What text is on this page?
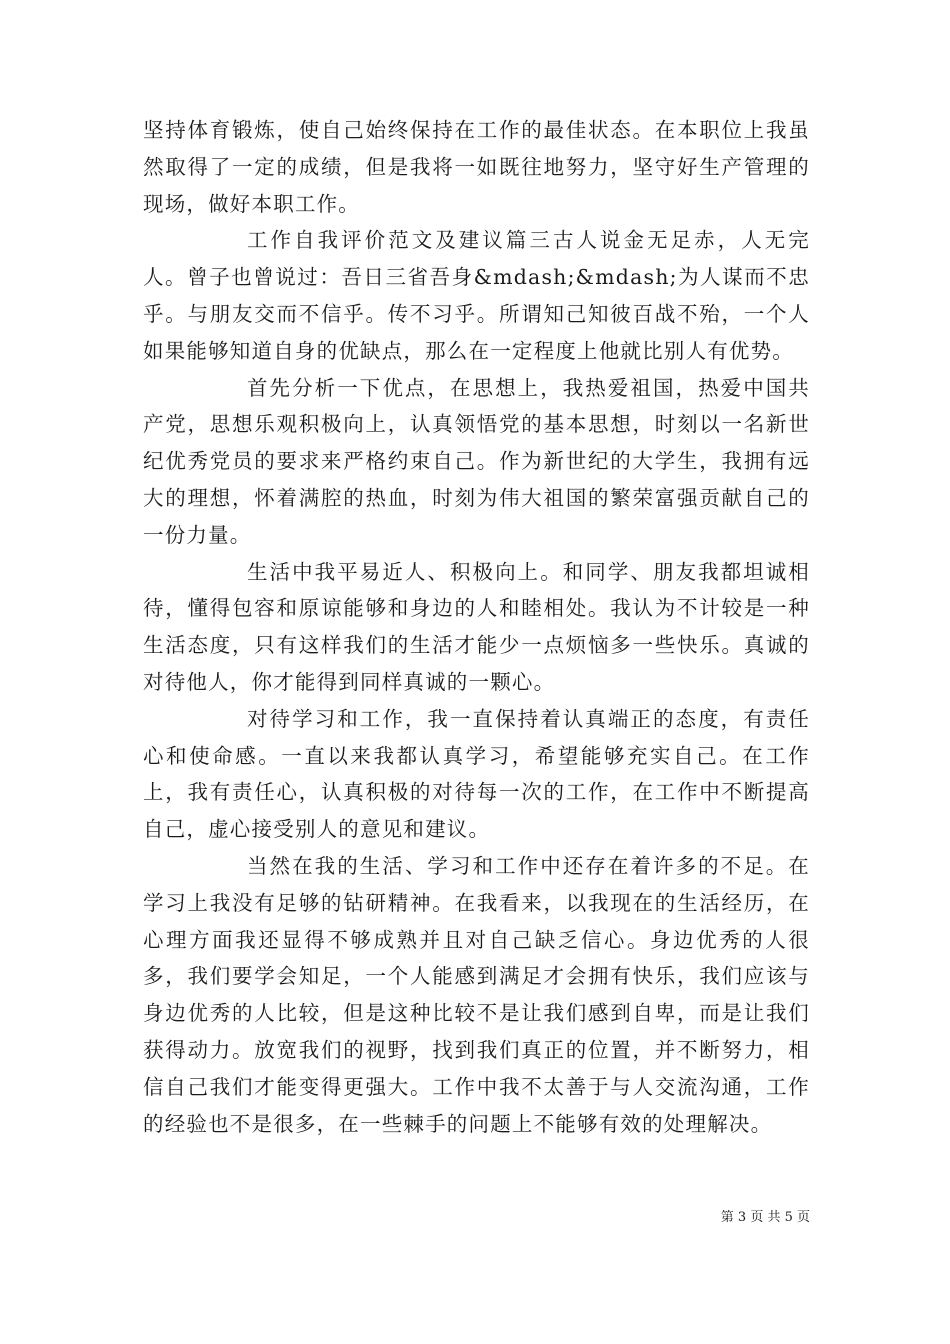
坚持体育锻炼，使自己始终保持在工作的最佳状态。在本职位上我虽然取得了一定的成绩，但是我将一如既往地努力，坚守好生产管理的现场，做好本职工作。

工作自我评价范文及建议篇三古人说金无足赤，人无完人。曾子也曾说过：吾日三省吾身&mdash;&mdash;为人谋而不忠乎。与朋友交而不信乎。传不习乎。所谓知己知彼百战不殆，一个人如果能够知道自身的优缺点，那么在一定程度上他就比别人有优势。

首先分析一下优点，在思想上，我热爱祖国，热爱中国共产党，思想乐观积极向上，认真领悟党的基本思想，时刻以一名新世纪优秀党员的要求来严格约束自己。作为新世纪的大学生，我拥有远大的理想，怀着满腔的热血，时刻为伟大祖国的繁荣富强贡献自己的一份力量。

生活中我平易近人、积极向上。和同学、朋友我都坦诚相待，懂得包容和原谅能够和身边的人和睦相处。我认为不计较是一种生活态度，只有这样我们的生活才能少一点烦恼多一些快乐。真诚的对待他人，你才能得到同样真诚的一颗心。

对待学习和工作，我一直保持着认真端正的态度，有责任心和使命感。一直以来我都认真学习，希望能够充实自己。在工作上，我有责任心，认真积极的对待每一次的工作，在工作中不断提高自己，虚心接受别人的意见和建议。

当然在我的生活、学习和工作中还存在着许多的不足。在学习上我没有足够的钻研精神。在我看来，以我现在的生活经历，在心理方面我还显得不够成熟并且对自己缺乏信心。身边优秀的人很多，我们要学会知足，一个人能感到满足才会拥有快乐，我们应该与身边优秀的人比较，但是这种比较不是让我们感到自卑，而是让我们获得动力。放宽我们的视野，找到我们真正的位置，并不断努力，相信自己我们才能变得更强大。工作中我不太善于与人交流沟通，工作的经验也不是很多，在一些棘手的问题上不能够有效的处理解决。

第 3 页 共 5 页
